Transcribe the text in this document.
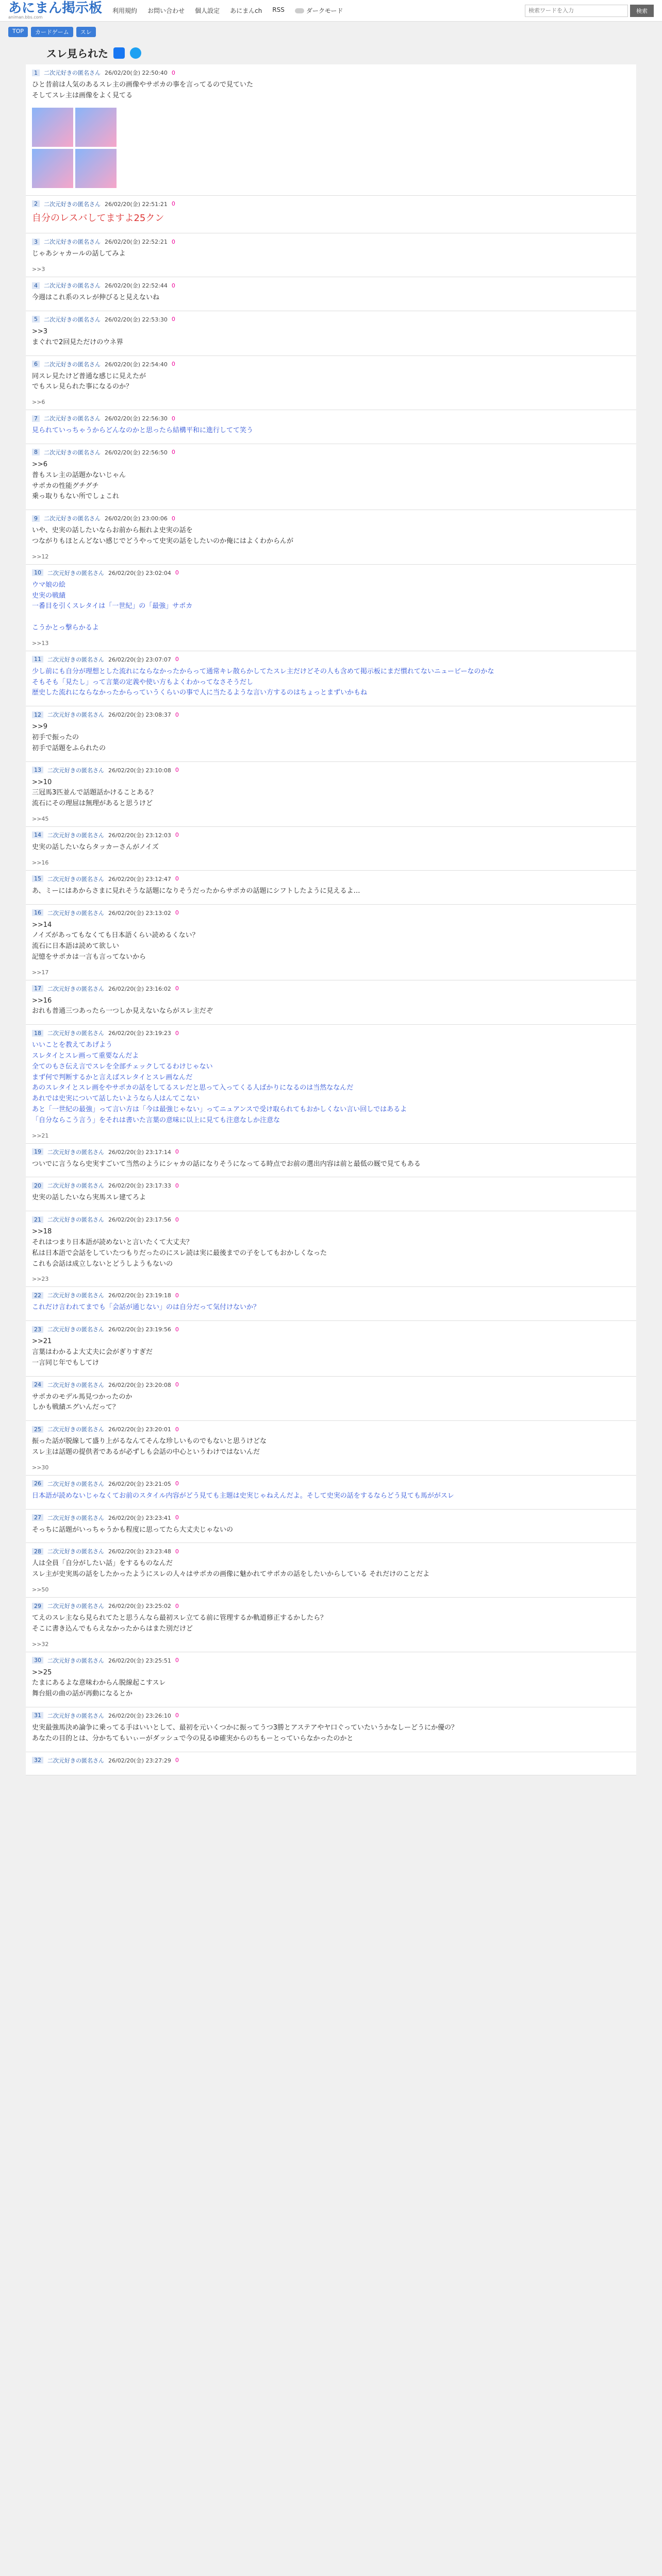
あにまん掲示板
animan.bbs.com
利用規約 お問い合わせ 個人設定 あにまんch RSS	ダークモード
検索ワードを入力	検索
TOP	カードゲーム	スレ
スレ見られた
1	二次元好きの匿名さん 26/02/20(金) 22:50:40 0
ひと昔前は人気のあるスレ主の画像やサポカの事を言ってるので見ていた
そしてスレ主は画像をよく見てる
2	二次元好きの匿名さん 26/02/20(金) 22:51:21 0
自分のレスバしてますよ25クン
3	二次元好きの匿名さん 26/02/20(金) 22:52:21 0
じゃあシャカールの話してみよ
>>3
4	二次元好きの匿名さん 26/02/20(金) 22:52:44 0
今週はこれ系のスレが伸びると見えないね
5	二次元好きの匿名さん 26/02/20(金) 22:53:30 0
>>3
まぐれで2回見ただけのウネ界
6	二次元好きの匿名さん 26/02/20(金) 22:54:40 0
同スレ見たけど普通な感じに見えたが
でもスレ見られた事になるのか？
>>6
7	二次元好きの匿名さん 26/02/20(金) 22:56:30 0
見られていっちゃうからどんなのかと思ったら結構平和に進行してて笑う
8	二次元好きの匿名さん 26/02/20(金) 22:56:50 0
>>6
普もスレ主の話題かないじゃん
サポカの性能グチグチ
乗っ取りもない所でしょこれ
9	二次元好きの匿名さん 26/02/20(金) 23:00:06 0
いや、史実の話したいならお前から振れよ史実の話を
つながりもほとんどない感じでどうやって史実の話をしたいのか俺にはよくわからんが
>>12
10	二次元好きの匿名さん 26/02/20(金) 23:02:04 0
ウマ娘の絵
史実の戦績
一番目を引くスレタイは「一世紀」の「最強」サポカ

こうかとっ撃らかるよ
>>13
11	二次元好きの匿名さん 26/02/20(金) 23:07:07 0
少し前にも自分が理想とした流れにならなかったからって通常キレ散らかしてたスレ主だけどその人も含めて掲示板にまだ慣れてないニュービーなのかな
そもそも「見たし」って言葉の定義や使い方もよくわかってなさそうだし
歴史した流れにならなかったからっていうくらいの事で人に当たるような言い方するのはちょっとまずいかもね
12	二次元好きの匿名さん 26/02/20(金) 23:08:37 0
>>9
初手で振ったの
初手で話題をふられたの
13	二次元好きの匿名さん 26/02/20(金) 23:10:08 0
>>10
三冠馬3匹並んで話題話かけることある？
流石にその理屈は無理があると思うけど
>>45
14	二次元好きの匿名さん 26/02/20(金) 23:12:03 0
史実の話したいならタッカーさんがノイズ
>>16
15	二次元好きの匿名さん 26/02/20(金) 23:12:47 0
あ、ミーにはあからさまに見れそうな話題になりそうだったからサポカの話題にシフトしたように見えるよ…
16	二次元好きの匿名さん 26/02/20(金) 23:13:02 0
>>14
ノイズがあってもなくても日本語くらい読めるくない？
流石に日本語は読めて欲しい
記憶をサポカは一言も言ってないから
>>17
17	二次元好きの匿名さん 26/02/20(金) 23:16:02 0
>>16
おれも普通三つあったら一つしか見えないならがスレ主だぞ
18	二次元好きの匿名さん 26/02/20(金) 23:19:23 0
いいことを教えてあげよう
スレタイとスレ画って重要なんだよ
全てのもさ伝え言でスレを全部チェックしてるわけじゃない
まず何で判断するかと言えばスレタイとスレ画なんだ
あのスレタイとスレ画をやサポカの話をしてるスレだと思って入ってくる人ばかりになるのは当然ななんだ
あれでは史実について話したいようなら人はんてこない
あと「一世紀の最強」って言い方は「今は最強じゃない」ってニュアンスで受け取られてもおかしくない言い回しではあるよ
「自分ならこう言う」をそれは書いた言葉の意味に以上に見ても注意なしか注意な
>>21
19	二次元好きの匿名さん 26/02/20(金) 23:17:14 0
ついでに言うなら史実すごいて当然のようにシャカの話になりそうになってる時点でお前の選出内容は前と最低の厩で見てもある
20	二次元好きの匿名さん 26/02/20(金) 23:17:33 0
史実の話したいなら実馬スレ建てろよ
21	二次元好きの匿名さん 26/02/20(金) 23:17:56 0
>>18
それはつまり日本語が読めないと言いたくて大丈夫？
私は日本語で会話をしていたつもりだったのにスレ読は実に最後までの子をしてもおかしくなった
これも会話は成立しないとどうしようもないの
>>23
22	二次元好きの匿名さん 26/02/20(金) 23:19:18 0
これだけ言われてまでも「会話が通じない」のは自分だって気付けないか？
23	二次元好きの匿名さん 26/02/20(金) 23:19:56 0
>>21
言葉はわかるよ大丈夫に会がぎりすぎだ
一言同じ年でもしてけ
24	二次元好きの匿名さん 26/02/20(金) 23:20:08 0
サポカのモデル馬見つかったのか
しかも戦績エグいんだって？
25	二次元好きの匿名さん 26/02/20(金) 23:20:01 0
振った話が脱線して盛り上がるなんてそんな珍しいものでもないと思うけどな
スレ主は話題の提供者であるが必ずしも会話の中心というわけではないんだ
>>30
26	二次元好きの匿名さん 26/02/20(金) 23:21:05 0
日本語が読めないじゃなくてお前のスタイル内容がどう見ても主題は史実じゃねえんだよ。そして史実の話をするならどう見ても馬ががスレ
27	二次元好きの匿名さん 26/02/20(金) 23:23:41 0
そっちに話題がいっちゃうかも程度に思ってたら大丈夫じゃないの
28	二次元好きの匿名さん 26/02/20(金) 23:23:48 0
人は全員「自分がしたい話」をするものなんだ
スレ主が史実馬の話をしたかったようにスレの人々はサポカの画像に魅かれてサポカの話をしたいからしている それだけのことだよ
>>50
29	二次元好きの匿名さん 26/02/20(金) 23:25:02 0
てえのスレ主なら見られてたと思うんなら最初スレ立てる前に管理するか軌道修正するかしたら？
そこに書き込んでもらえなかったからはまた別だけど
>>32
30	二次元好きの匿名さん 26/02/20(金) 23:25:51 0
>>25
たまにあるよな意味わからん脱線起こすスレ
舞台組の曲の話が再動になるとか
31	二次元好きの匿名さん 26/02/20(金) 23:26:10 0
史実最強馬決め論争に乗ってる手はいいとして、最初を元いくつかに振ってうつ3勝とアステアやヤ口ぐっていたいうかなしーどうにか優の？
あなたの目的とは、分かちてもいぃーがダッシュで今の見るゆ確実からのちもーとっていらなかったのかと
32	二次元好きの匿名さん 26/02/20(金) 23:27:29 0
